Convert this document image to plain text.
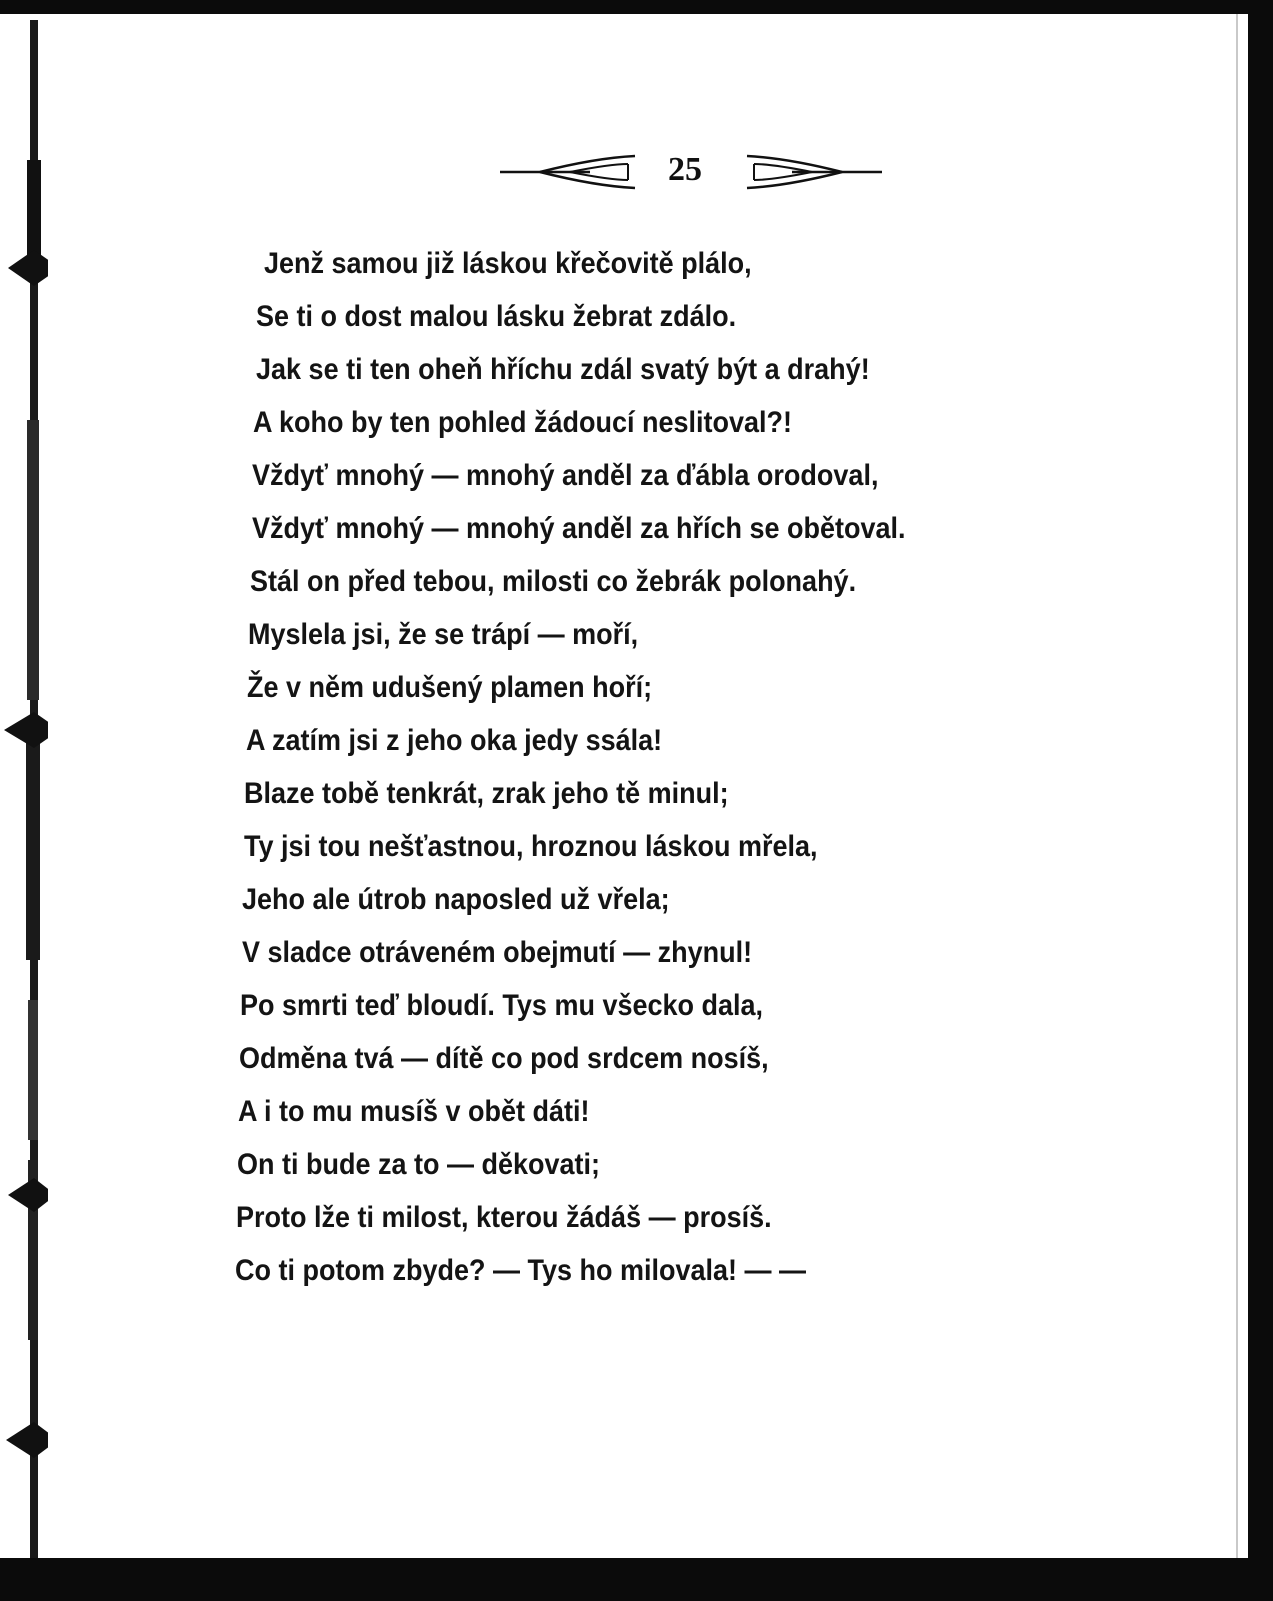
25
Jenž samou již láskou křečovitě plálo,
Se ti o dost malou lásku žebrat zdálo.
Jak se ti ten oheň hříchu zdál svatý být a drahý!
A koho by ten pohled žádoucí neslitoval?!
Vždyť mnohý — mnohý anděl za ďábla orodoval,
Vždyť mnohý — mnohý anděl za hřích se obětoval.
Stál on před tebou, milosti co žebrák polonahý.
Myslela jsi, že se trápí — moří,
Že v něm udušený plamen hoří;
A zatím jsi z jeho oka jedy ssála!
Blaze tobě tenkrát, zrak jeho tě minul;
Ty jsi tou nešťastnou, hroznou láskou mřela,
Jeho ale útrob naposled už vřela;
V sladce otráveném obejmutí — zhynul!
Po smrti teď bloudí. Tys mu všecko dala,
Odměna tvá — dítě co pod srdcem nosíš,
A i to mu musíš v obět dáti!
On ti bude za to — děkovati;
Proto lže ti milost, kterou žádáš — prosíš.
Co ti potom zbyde? — Tys ho milovala! — —
